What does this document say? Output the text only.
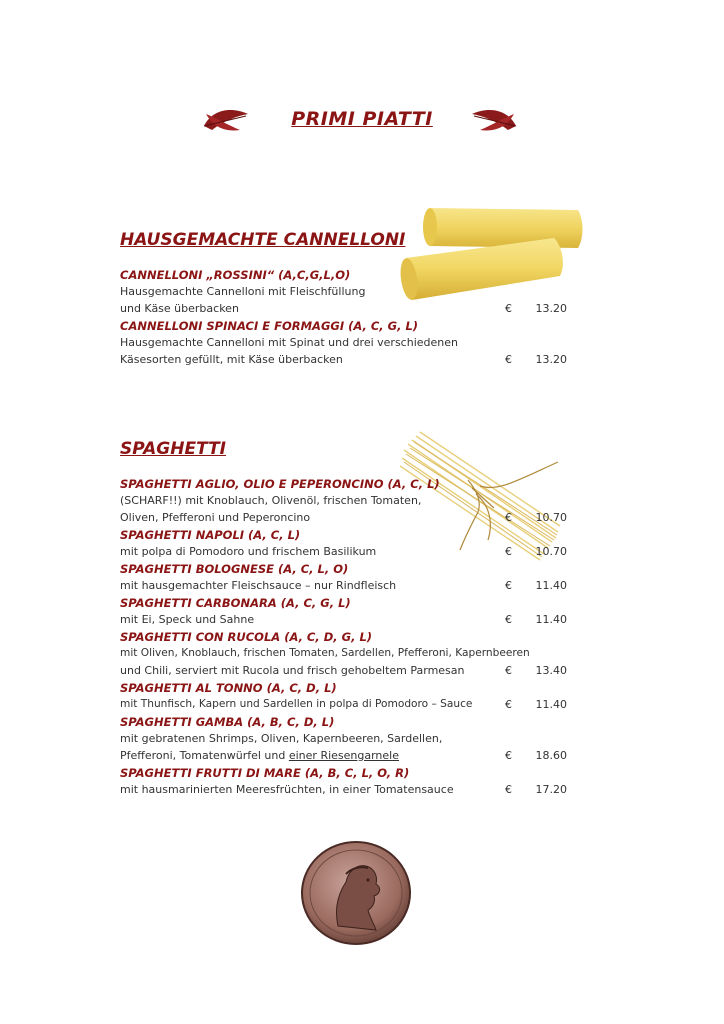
PRIMI PIATTI
HAUSGEMACHTE CANNELLONI
CANNELLONI „ROSSINI“ (A,C,G,L,O)
Hausgemachte Cannelloni mit Fleischfüllung
und Käse überbacken	€ 13.20
CANNELLONI SPINACI E FORMAGGI (A, C, G, L)
Hausgemachte Cannelloni mit Spinat und drei verschiedenen
Käsesorten gefüllt, mit Käse überbacken	€ 13.20
SPAGHETTI
SPAGHETTI AGLIO, OLIO E PEPERONCINO (A, C, L)
(SCHARF!!) mit Knoblauch, Olivenöl, frischen Tomaten,
Oliven, Pfefferoni und Peperoncino	€ 10.70
SPAGHETTI NAPOLI (A, C, L)
mit polpa di Pomodoro und frischem Basilikum	€ 10.70
SPAGHETTI BOLOGNESE (A, C, L, O)
mit hausgemachter Fleischsauce – nur Rindfleisch	€ 11.40
SPAGHETTI CARBONARA (A, C, G, L)
mit Ei, Speck und Sahne	€ 11.40
SPAGHETTI CON RUCOLA (A, C, D, G, L)
mit Oliven, Knoblauch, frischen Tomaten, Sardellen, Pfefferoni, Kapernbeeren
und Chili, serviert mit Rucola und frisch gehobeltem Parmesan	€ 13.40
SPAGHETTI AL TONNO (A, C, D, L)
mit Thunfisch, Kapern und Sardellen in polpa di Pomodoro – Sauce	€ 11.40
SPAGHETTI GAMBA (A, B, C, D, L)
mit gebratenen Shrimps, Oliven, Kapernbeeren, Sardellen,
Pfefferoni, Tomatenwürfel und einer Riesengarnele	€ 18.60
SPAGHETTI FRUTTI DI MARE (A, B, C, L, O, R)
mit hausmarinierten Meeresfrüchten, in einer Tomatensauce	€ 17.20
